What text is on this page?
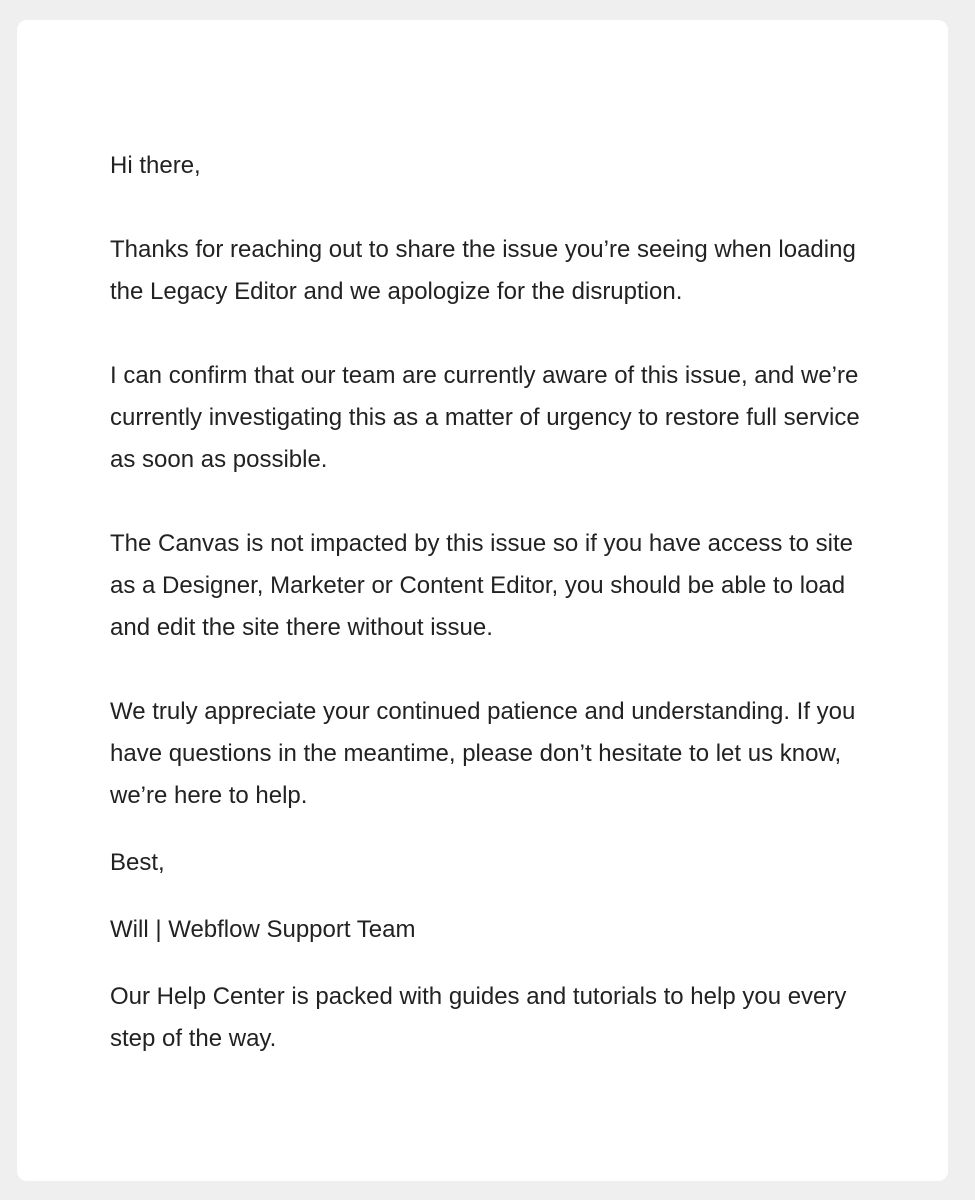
Hi there,

Thanks for reaching out to share the issue you’re seeing when loading the Legacy Editor and we apologize for the disruption.

I can confirm that our team are currently aware of this issue, and we’re currently investigating this as a matter of urgency to restore full service as soon as possible.

The Canvas is not impacted by this issue so if you have access to site as a Designer, Marketer or Content Editor, you should be able to load and edit the site there without issue.

We truly appreciate your continued patience and understanding. If you have questions in the meantime, please don’t hesitate to let us know, we’re here to help.

Best,

Will | Webflow Support Team

Our Help Center is packed with guides and tutorials to help you every step of the way.
